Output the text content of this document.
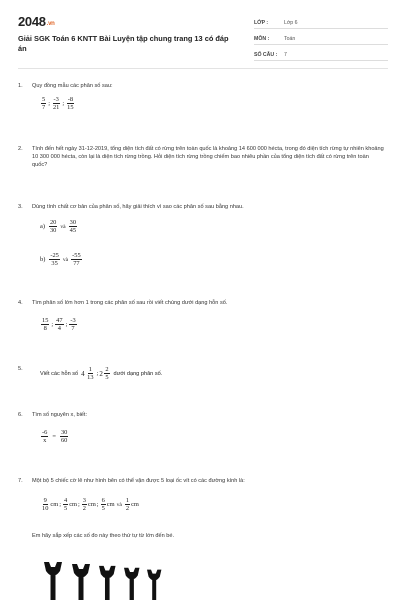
2048.vn
Giải SGK Toán 6 KNTT Bài Luyện tập chung trang 13 có đáp án
LỚP :	Lớp 6
MÔN :	Toán
SỐ CÂU :	7
1. Quy đồng mẫu các phân số sau:
$\frac{5}{7}$ ; $\frac{-3}{21}$ ; $\frac{-8}{15}$
2. Tính đến hết ngày 31-12-2019, tổng diện tích đất có rừng trên toàn quốc là khoảng 14 600 000 hécta, trong đó diện tích rừng tự nhiên khoảng 10 300 000 hécta, còn lại là diện tích rừng trồng. Hỏi diện tích rừng trồng chiếm bao nhiêu phần của tổng diện tích đất có rừng trên toàn quốc?
3. Dùng tính chất cơ bản của phân số, hãy giải thích vì sao các phân số sau bằng nhau.
$a) \frac{20}{30}$ và $\frac{30}{45}$
$b) \frac{-25}{35}$ và $\frac{-55}{77}$
4. Tìm phân số lớn hơn 1 trong các phân số sau rồi viết chúng dưới dạng hỗn số.
$\frac{15}{8}$ ; $\frac{47}{4}$ ; $\frac{-3}{7}$
5.
Viết các hỗn số $4 \frac{1}{13}$ ; $2 \frac{2}{5}$ dưới dạng phân số.
6. Tìm số nguyên x, biết:
$\frac{-6}{x} = \frac{30}{60}$
7. Một bộ 5 chiếc cờ lê như hình bên có thể vặn được 5 loại ốc vít có các đường kính là:
$\frac{9}{10}$ cm ; $\frac{4}{5}$ cm ; $\frac{3}{2}$ cm ; $\frac{6}{5}$ cm và $\frac{1}{2}$ cm
Em hãy sắp xếp các số đo này theo thứ tự từ lớn đến bé.
